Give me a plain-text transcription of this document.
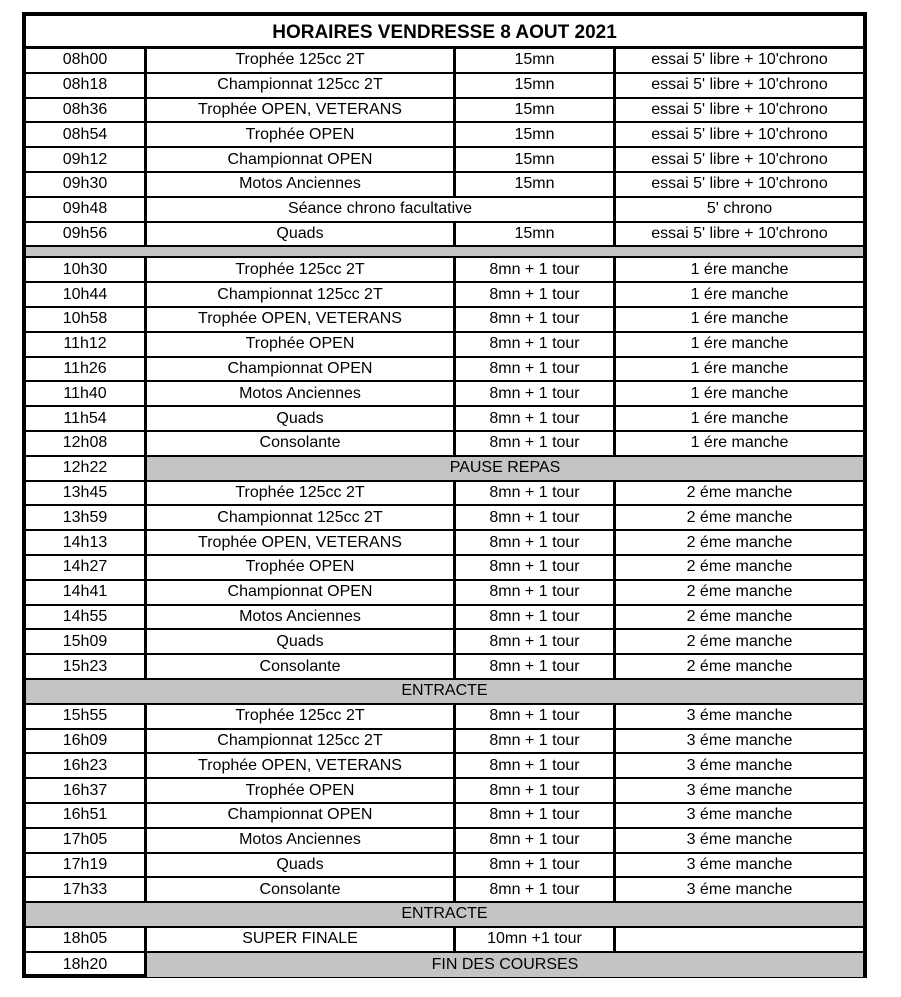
HORAIRES VENDRESSE 8 AOUT 2021
08h00	Trophée 125cc 2T	15mn	essai 5' libre + 10'chrono
08h18	Championnat 125cc 2T	15mn	essai 5' libre + 10'chrono
08h36	Trophée OPEN, VETERANS	15mn	essai 5' libre + 10'chrono
08h54	Trophée OPEN	15mn	essai 5' libre + 10'chrono
09h12	Championnat OPEN	15mn	essai 5' libre + 10'chrono
09h30	Motos Anciennes	15mn	essai 5' libre + 10'chrono
09h48	Séance chrono facultative	5' chrono
09h56	Quads	15mn	essai 5' libre + 10'chrono
10h30	Trophée 125cc 2T	8mn + 1 tour	1 ére manche
10h44	Championnat 125cc 2T	8mn + 1 tour	1 ére manche
10h58	Trophée OPEN, VETERANS	8mn + 1 tour	1 ére manche
11h12	Trophée OPEN	8mn + 1 tour	1 ére manche
11h26	Championnat OPEN	8mn + 1 tour	1 ére manche
11h40	Motos Anciennes	8mn + 1 tour	1 ére manche
11h54	Quads	8mn + 1 tour	1 ére manche
12h08	Consolante	8mn + 1 tour	1 ére manche
12h22	PAUSE REPAS
13h45	Trophée 125cc 2T	8mn + 1 tour	2 éme manche
13h59	Championnat 125cc 2T	8mn + 1 tour	2 éme manche
14h13	Trophée OPEN, VETERANS	8mn + 1 tour	2 éme manche
14h27	Trophée OPEN	8mn + 1 tour	2 éme manche
14h41	Championnat OPEN	8mn + 1 tour	2 éme manche
14h55	Motos Anciennes	8mn + 1 tour	2 éme manche
15h09	Quads	8mn + 1 tour	2 éme manche
15h23	Consolante	8mn + 1 tour	2 éme manche
ENTRACTE
15h55	Trophée 125cc 2T	8mn + 1 tour	3 éme manche
16h09	Championnat 125cc 2T	8mn + 1 tour	3 éme manche
16h23	Trophée OPEN, VETERANS	8mn + 1 tour	3 éme manche
16h37	Trophée OPEN	8mn + 1 tour	3 éme manche
16h51	Championnat OPEN	8mn + 1 tour	3 éme manche
17h05	Motos Anciennes	8mn + 1 tour	3 éme manche
17h19	Quads	8mn + 1 tour	3 éme manche
17h33	Consolante	8mn + 1 tour	3 éme manche
ENTRACTE
18h05	SUPER FINALE	10mn +1 tour
18h20	FIN DES COURSES
